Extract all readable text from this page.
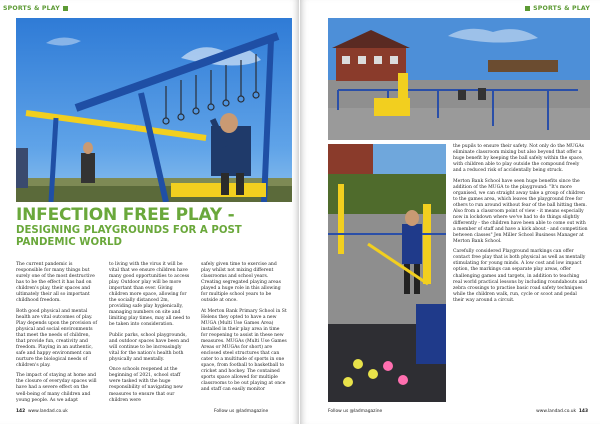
SPORTS & PLAY
INFECTION FREE PLAY -
DESIGNING PLAYGROUNDS FOR A POST
PANDEMIC WORLD

The current pandemic is responsible for many things but surely one of the most destructive has to be the effect it has had on children's play, their spaces and ultimately their all so important childhood freedom.

Both good physical and mental health are vital outcomes of play. Play depends upon the provision of physical and social environments that meet the needs of children, that provide fun, creativity and freedom. Playing in an authentic, safe and happy environment can nurture the biological needs of children's play.

The impact of staying at home and the closure of everyday spaces will have had a severe effect on the well-being of many children and young people. As we adapt

to living with the virus it will be vital that we ensure children have many good opportunities to access play. Outdoor play will be more important than ever. Giving children more space, allowing for the socially distanced 2m, providing safe play hygienically, managing numbers on site and limiting play times, may all need to be taken into consideration.

Public parks, school playgrounds, and outdoor spaces have been and will continue to be increasingly vital for the nation's health both physically and mentally.

Once schools reopened at the beginning of 2021, school staff were tasked with the huge responsibility of navigating new measures to ensure that our children were

safely given time to exercise and play whilst not mixing different classrooms and school years. Creating segregated playing areas played a huge role in this allowing for multiple school years to be outside at once.

At Merton Bank Primary School in St Helens they opted to have a new MUGA (Multi Use Games Area) installed in their play area in time for reopening to assist in these new measures. MUGAs (Multi Use Games Areas or MUGAs for short) are enclosed steel structures that can cater to a multitude of sports in one space, from football to basketball to cricket and hockey. The contained sports space allowed for multiple classrooms to be out playing at once and staff can easily monitor

142 www.landad.co.uk	Follow us @ladmagazine
SPORTS & PLAY

the pupils to ensure their safety. Not only do the MUGAs eliminate classroom mixing but also beyond that offer a huge benefit by keeping the ball safely within the space, with children able to play outside the compound freely and a reduced risk of accidentally being struck.

Merton Bank School have seen huge benefits since the addition of the MUGA to the playground: "It's more organised, we can straight away take a group of children to the games area, which leaves the playground free for others to run around without fear of the ball hitting them. Also from a classroom point of view - it means especially now in lockdown where we've had to do things slightly differently - the children have been able to come out with a member of staff and have a kick about - and competition between classes" Jen Miller School Business Manager at Merton Bank School.

Carefully considered Playground markings can offer contact free play that is both physical as well as mentally stimulating for young minds. A low cost and low impact option, the markings can separate play areas, offer challenging games and targets, in addition to teaching real world practical lessons by including roundabouts and zebra crossings to practise basic road safety techniques while the children walk, run, cycle or scoot and pedal their way around a circuit.

Follow us @ladmagazine	www.landad.co.uk 143
